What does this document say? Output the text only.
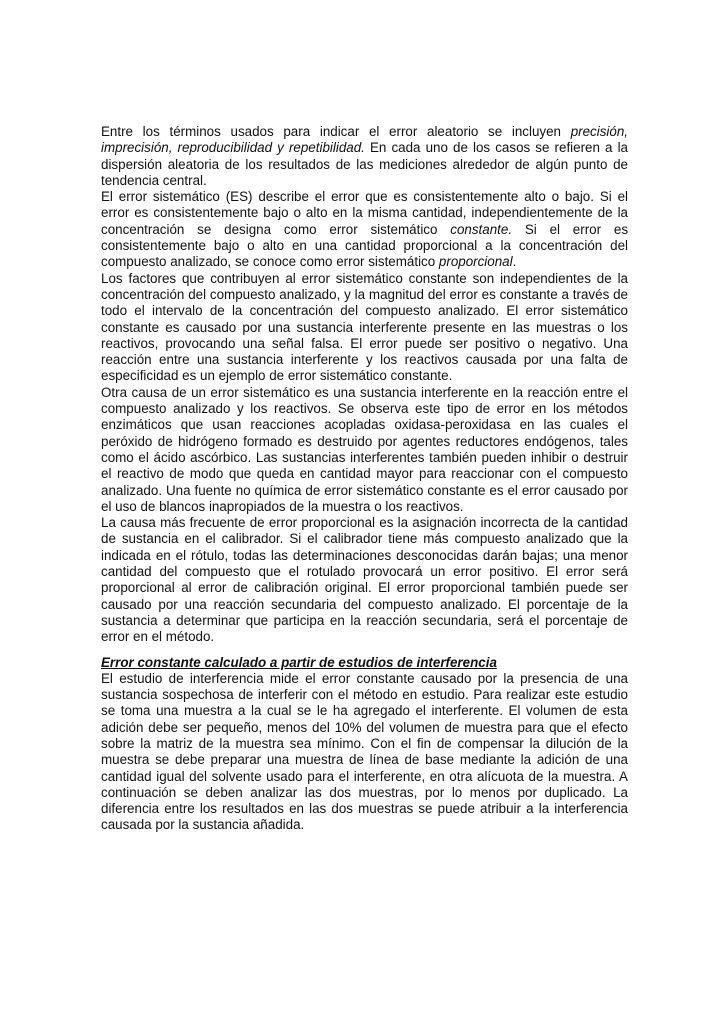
Entre los términos usados para indicar el error aleatorio se incluyen precisión, imprecisión, reproducibilidad y repetibilidad. En cada uno de los casos se refieren a la dispersión aleatoria de los resultados de las mediciones alrededor de algún punto de tendencia central.

El error sistemático (ES) describe el error que es consistentemente alto o bajo. Si el error es consistentemente bajo o alto en la misma cantidad, independientemente de la concentración se designa como error sistemático constante. Si el error es consistentemente bajo o alto en una cantidad proporcional a la concentración del compuesto analizado, se conoce como error sistemático proporcional.

Los factores que contribuyen al error sistemático constante son independientes de la concentración del compuesto analizado, y la magnitud del error es constante a través de todo el intervalo de la concentración del compuesto analizado. El error sistemático constante es causado por una sustancia interferente presente en las muestras o los reactivos, provocando una señal falsa. El error puede ser positivo o negativo. Una reacción entre una sustancia interferente y los reactivos causada por una falta de especificidad es un ejemplo de error sistemático constante.

Otra causa de un error sistemático es una sustancia interferente en la reacción entre el compuesto analizado y los reactivos. Se observa este tipo de error en los métodos enzimáticos que usan reacciones acopladas oxidasa-peroxidasa en las cuales el peróxido de hidrógeno formado es destruido por agentes reductores endógenos, tales como el ácido ascórbico. Las sustancias interferentes también pueden inhibir o destruir el reactivo de modo que queda en cantidad mayor para reaccionar con el compuesto analizado. Una fuente no química de error sistemático constante es el error causado por el uso de blancos inapropiados de la muestra o los reactivos.

La causa más frecuente de error proporcional es la asignación incorrecta de la cantidad de sustancia en el calibrador. Si el calibrador tiene más compuesto analizado que la indicada en el rótulo, todas las determinaciones desconocidas darán bajas; una menor cantidad del compuesto que el rotulado provocará un error positivo. El error será proporcional al error de calibración original. El error proporcional también puede ser causado por una reacción secundaria del compuesto analizado. El porcentaje de la sustancia a determinar que participa en la reacción secundaria, será el porcentaje de error en el método.

Error constante calculado a partir de estudios de interferencia

El estudio de interferencia mide el error constante causado por la presencia de una sustancia sospechosa de interferir con el método en estudio. Para realizar este estudio se toma una muestra a la cual se le ha agregado el interferente. El volumen de esta adición debe ser pequeño, menos del 10% del volumen de muestra para que el efecto sobre la matriz de la muestra sea mínimo. Con el fin de compensar la dilución de la muestra se debe preparar una muestra de línea de base mediante la adición de una cantidad igual del solvente usado para el interferente, en otra alícuota de la muestra. A continuación se deben analizar las dos muestras, por lo menos por duplicado. La diferencia entre los resultados en las dos muestras se puede atribuir a la interferencia causada por la sustancia añadida.
